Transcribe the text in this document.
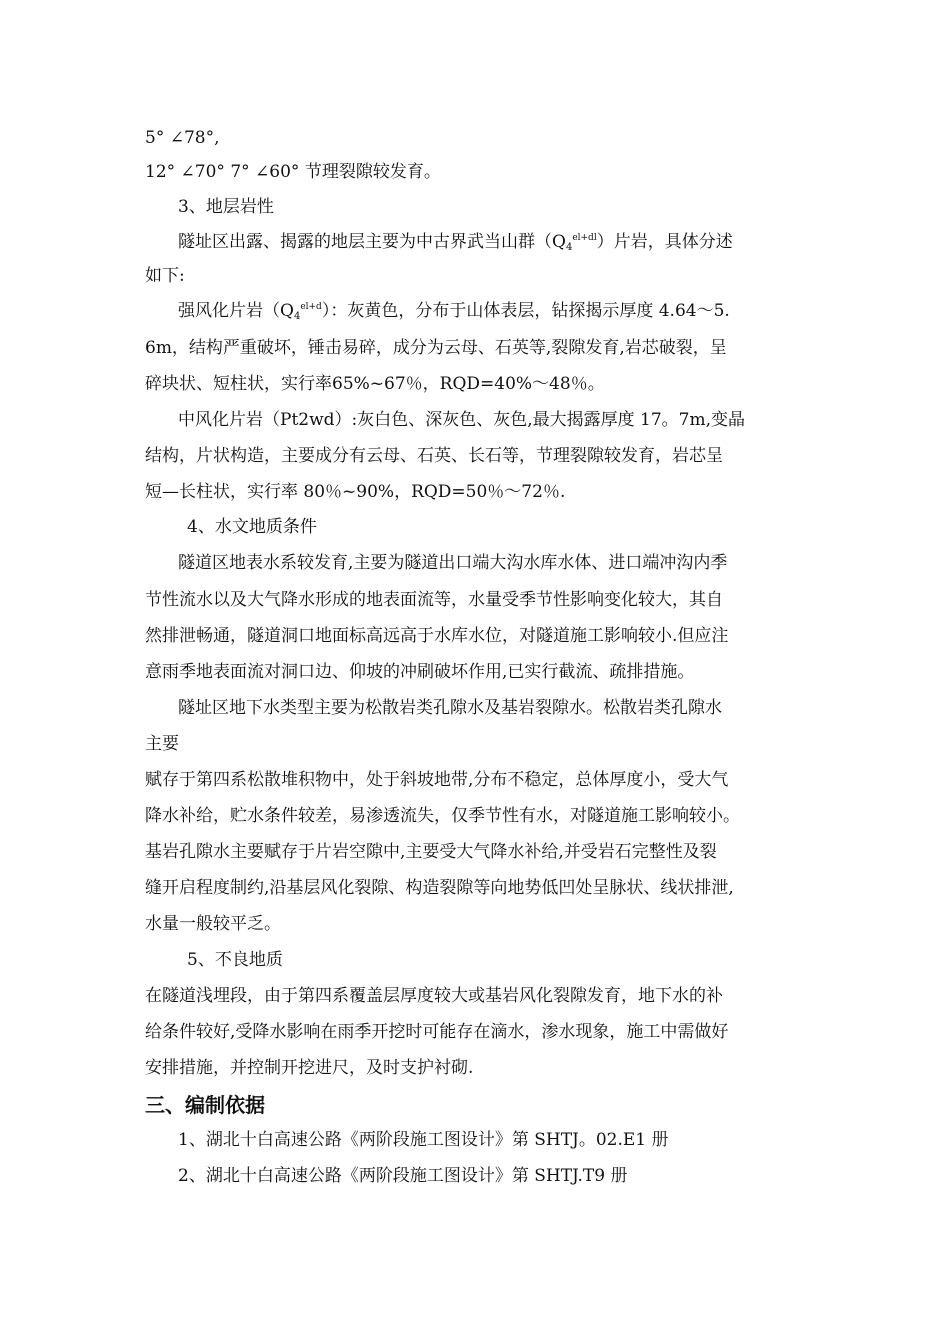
5° ∠78°,
12° ∠70° 7° ∠60° 节理裂隙较发育。
3、地层岩性
隧址区出露、揭露的地层主要为中古界武当山群$(Q_4^{el+dl})$片岩，具体分述
如下:
强风化片岩$(Q_4^{el+d})$：灰黄色，分布于山体表层，钻探揭示厚度 4.64～5.
6m，结构严重破坏，锤击易碎，成分为云母、石英等,裂隙发育,岩芯破裂，呈
碎块状、短柱状，实行率65%~67％，RQD=40%～48％。
中风化片岩（Pt2wd）:灰白色、深灰色、灰色,最大揭露厚度 17。7m,变晶
结构，片状构造，主要成分有云母、石英、长石等，节理裂隙较发育，岩芯呈
短—长柱状，实行率 80％~90%，RQD=50％～72％.
4、水文地质条件
隧道区地表水系较发育,主要为隧道出口端大沟水库水体、进口端冲沟内季
节性流水以及大气降水形成的地表面流等，水量受季节性影响变化较大，其自
然排泄畅通，隧道洞口地面标高远高于水库水位，对隧道施工影响较小.但应注
意雨季地表面流对洞口边、仰坡的冲刷破坏作用,已实行截流、疏排措施。
隧址区地下水类型主要为松散岩类孔隙水及基岩裂隙水。松散岩类孔隙水
主要
赋存于第四系松散堆积物中，处于斜坡地带,分布不稳定，总体厚度小，受大气
降水补给，贮水条件较差，易渗透流失，仅季节性有水，对隧道施工影响较小。
基岩孔隙水主要赋存于片岩空隙中,主要受大气降水补给,并受岩石完整性及裂
缝开启程度制约,沿基层风化裂隙、构造裂隙等向地势低凹处呈脉状、线状排泄,
水量一般较平乏。
5、不良地质
在隧道浅埋段，由于第四系覆盖层厚度较大或基岩风化裂隙发育，地下水的补
给条件较好,受降水影响在雨季开挖时可能存在滴水，渗水现象，施工中需做好
安排措施，并控制开挖进尺，及时支护衬砌.
三、编制依据
1、湖北十白高速公路《两阶段施工图设计》第 SHTJ。02.E1 册
2、湖北十白高速公路《两阶段施工图设计》第 SHTJ.T9 册
